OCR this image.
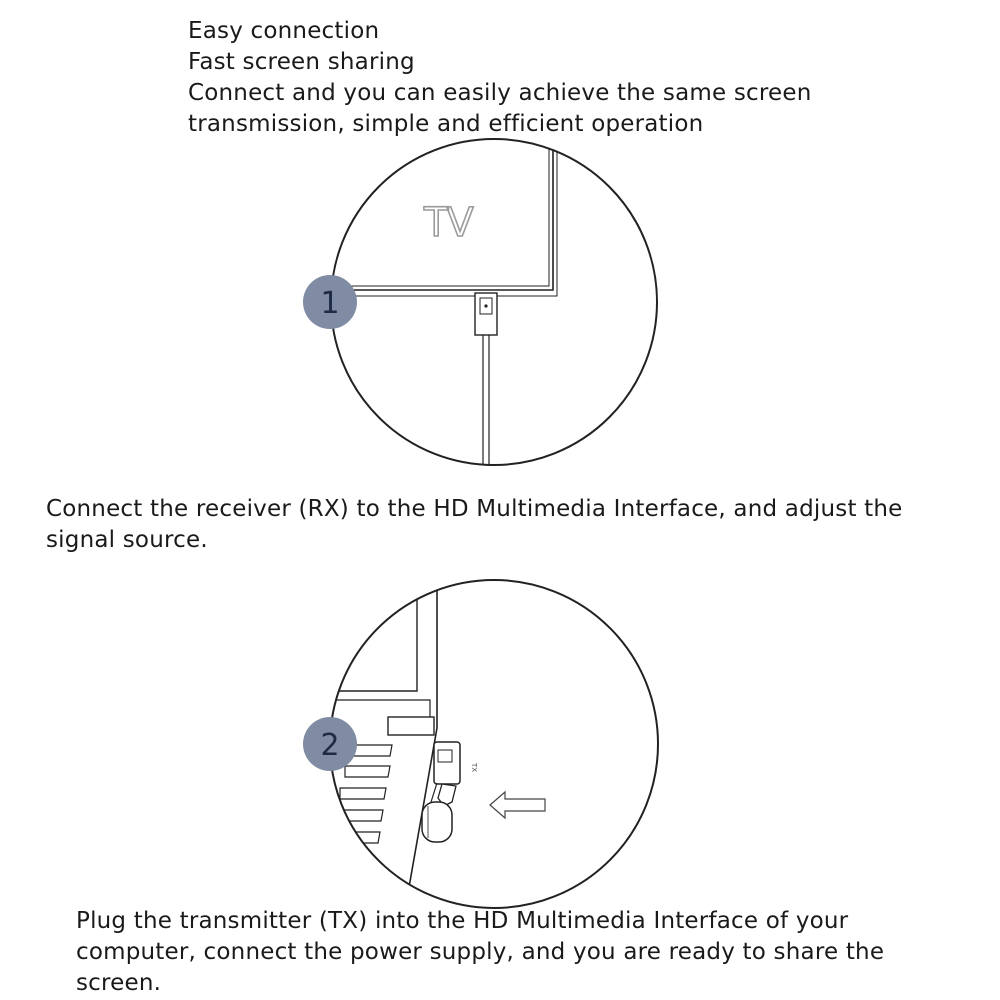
Easy connection
Fast screen sharing
Connect and you can easily achieve the same screen
transmission, simple and efficient operation
TV
1
Connect the receiver (RX) to the HD Multimedia Interface, and adjust the
signal source.
TX
2
Plug the transmitter (TX) into the HD Multimedia Interface of your
computer, connect the power supply, and you are ready to share the
screen.
